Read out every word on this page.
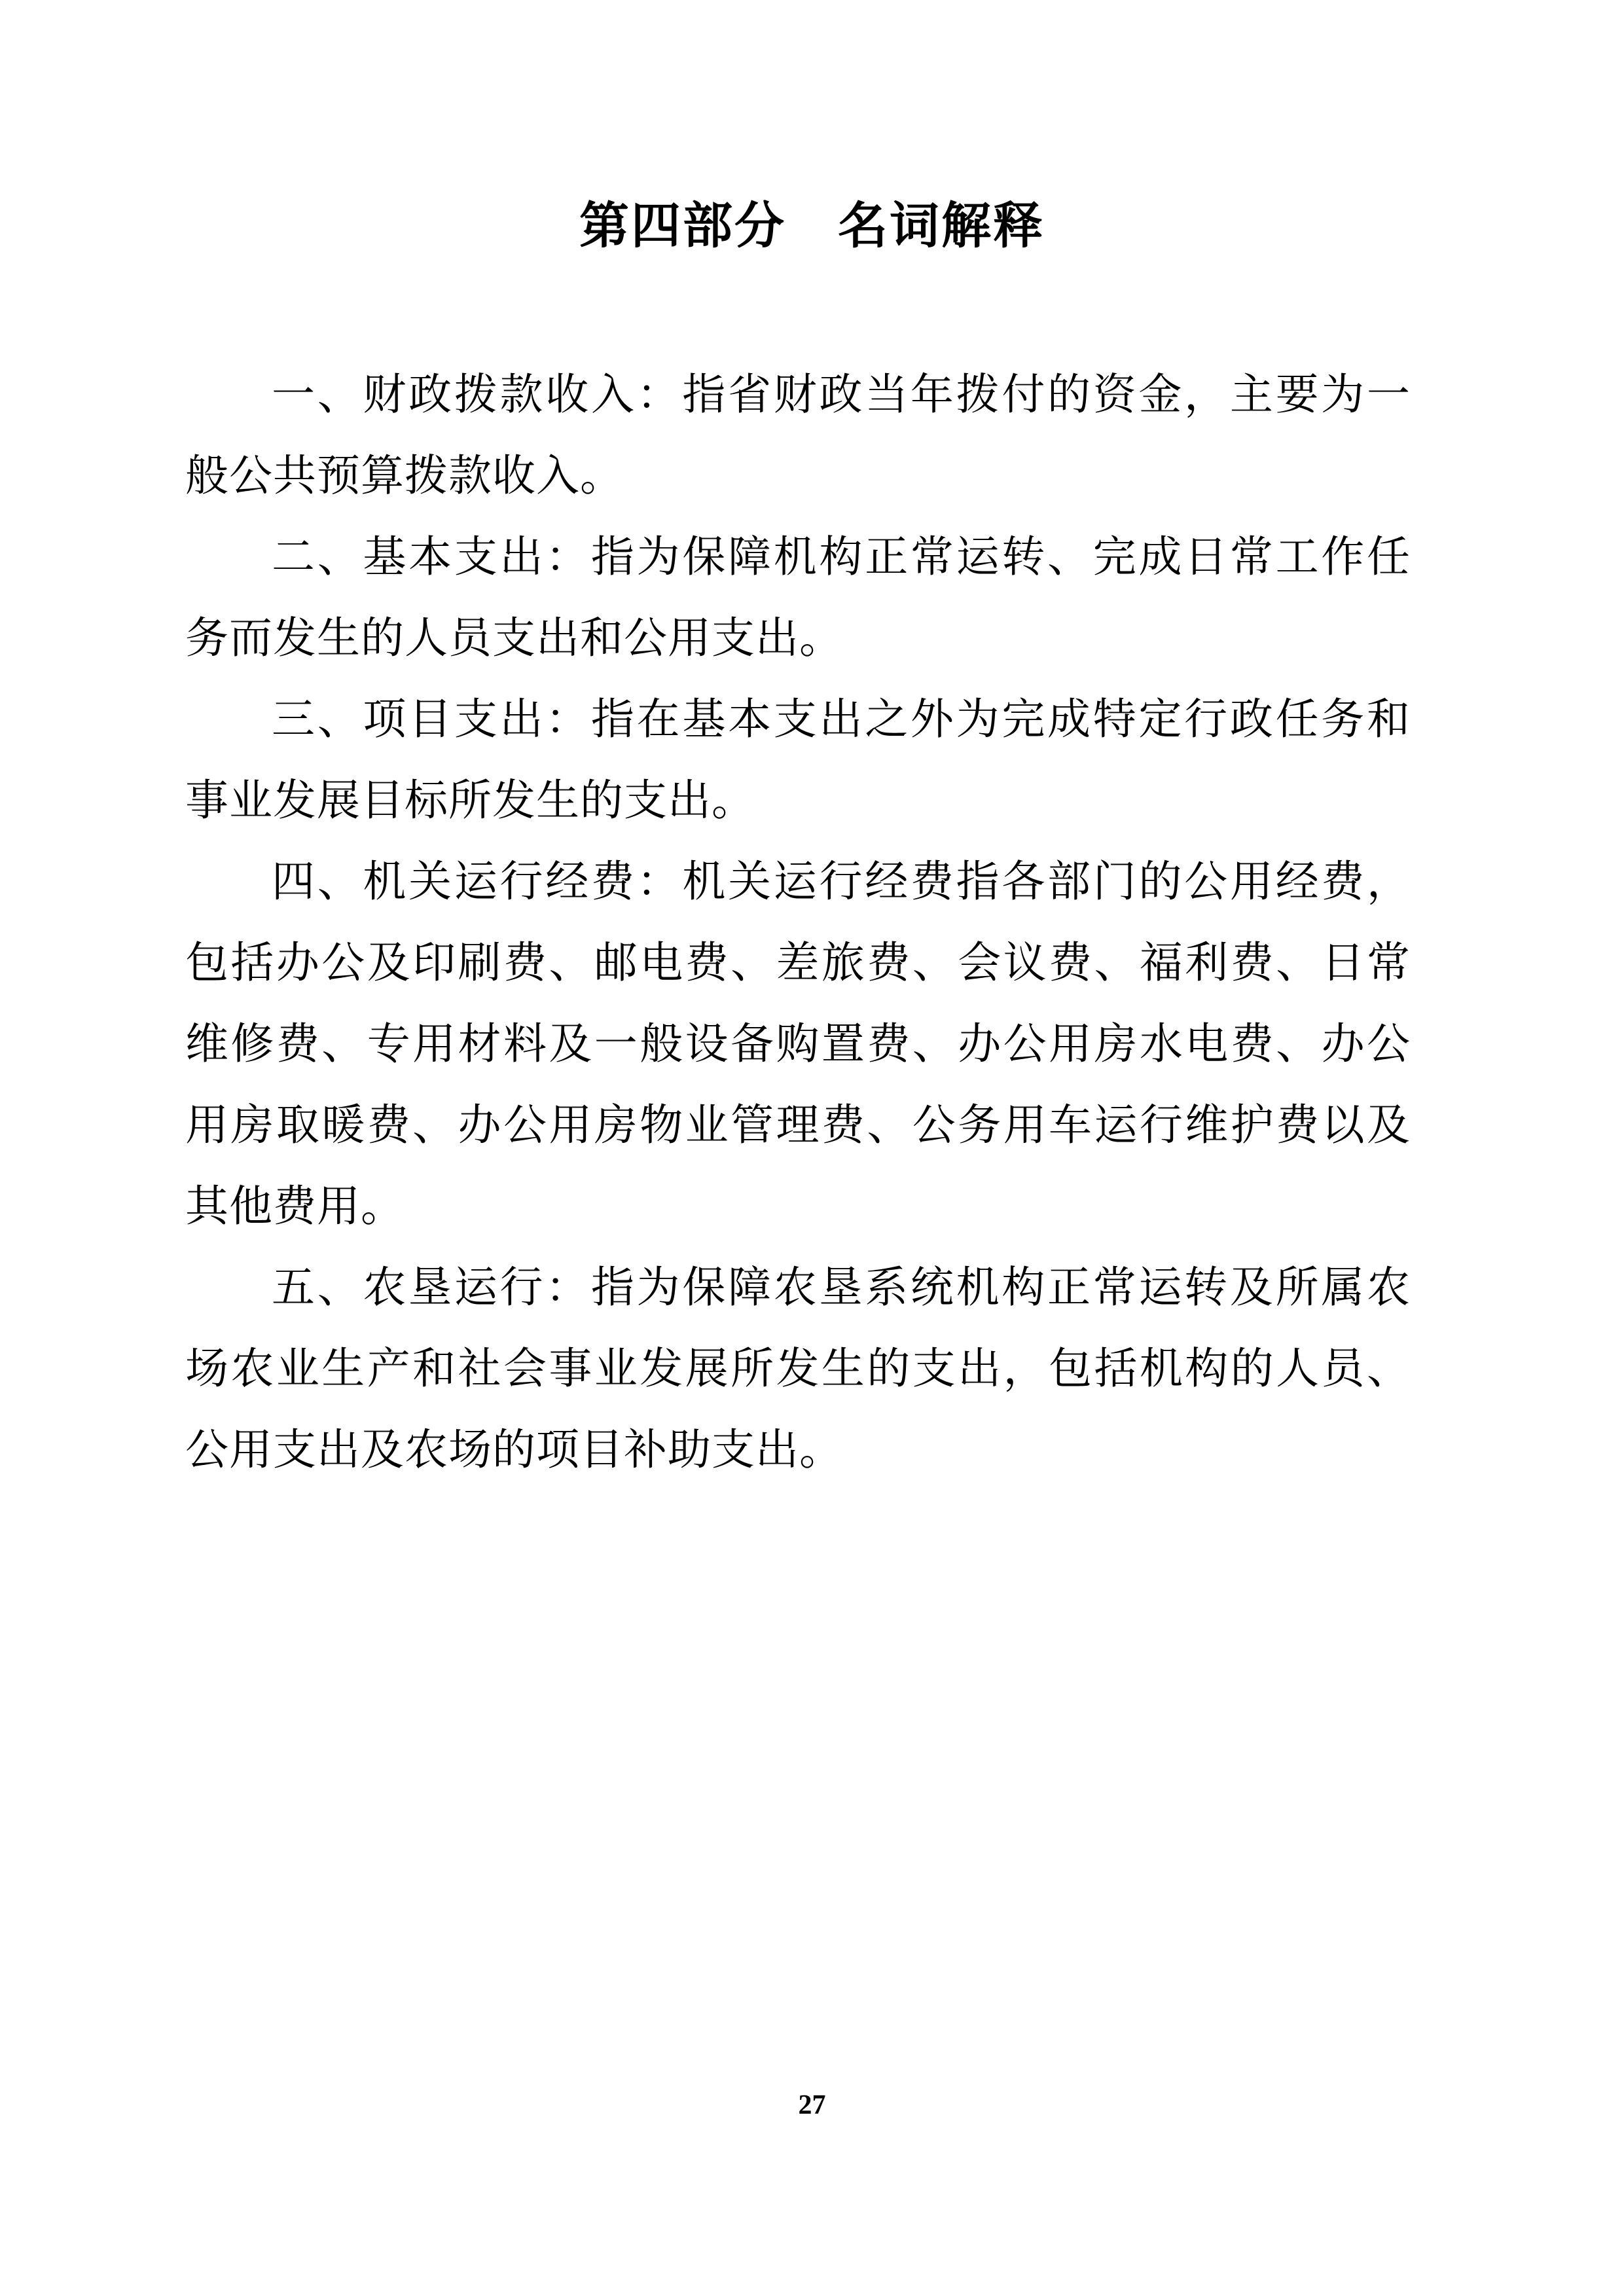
第四部分　名词解释

一、财政拨款收入：指省财政当年拨付的资金，主要为一般公共预算拨款收入。

二、基本支出：指为保障机构正常运转、完成日常工作任务而发生的人员支出和公用支出。

三、项目支出：指在基本支出之外为完成特定行政任务和事业发展目标所发生的支出。

四、机关运行经费：机关运行经费指各部门的公用经费，包括办公及印刷费、邮电费、差旅费、会议费、福利费、日常维修费、专用材料及一般设备购置费、办公用房水电费、办公用房取暖费、办公用房物业管理费、公务用车运行维护费以及其他费用。

五、农垦运行：指为保障农垦系统机构正常运转及所属农场农业生产和社会事业发展所发生的支出，包括机构的人员、公用支出及农场的项目补助支出。

27
